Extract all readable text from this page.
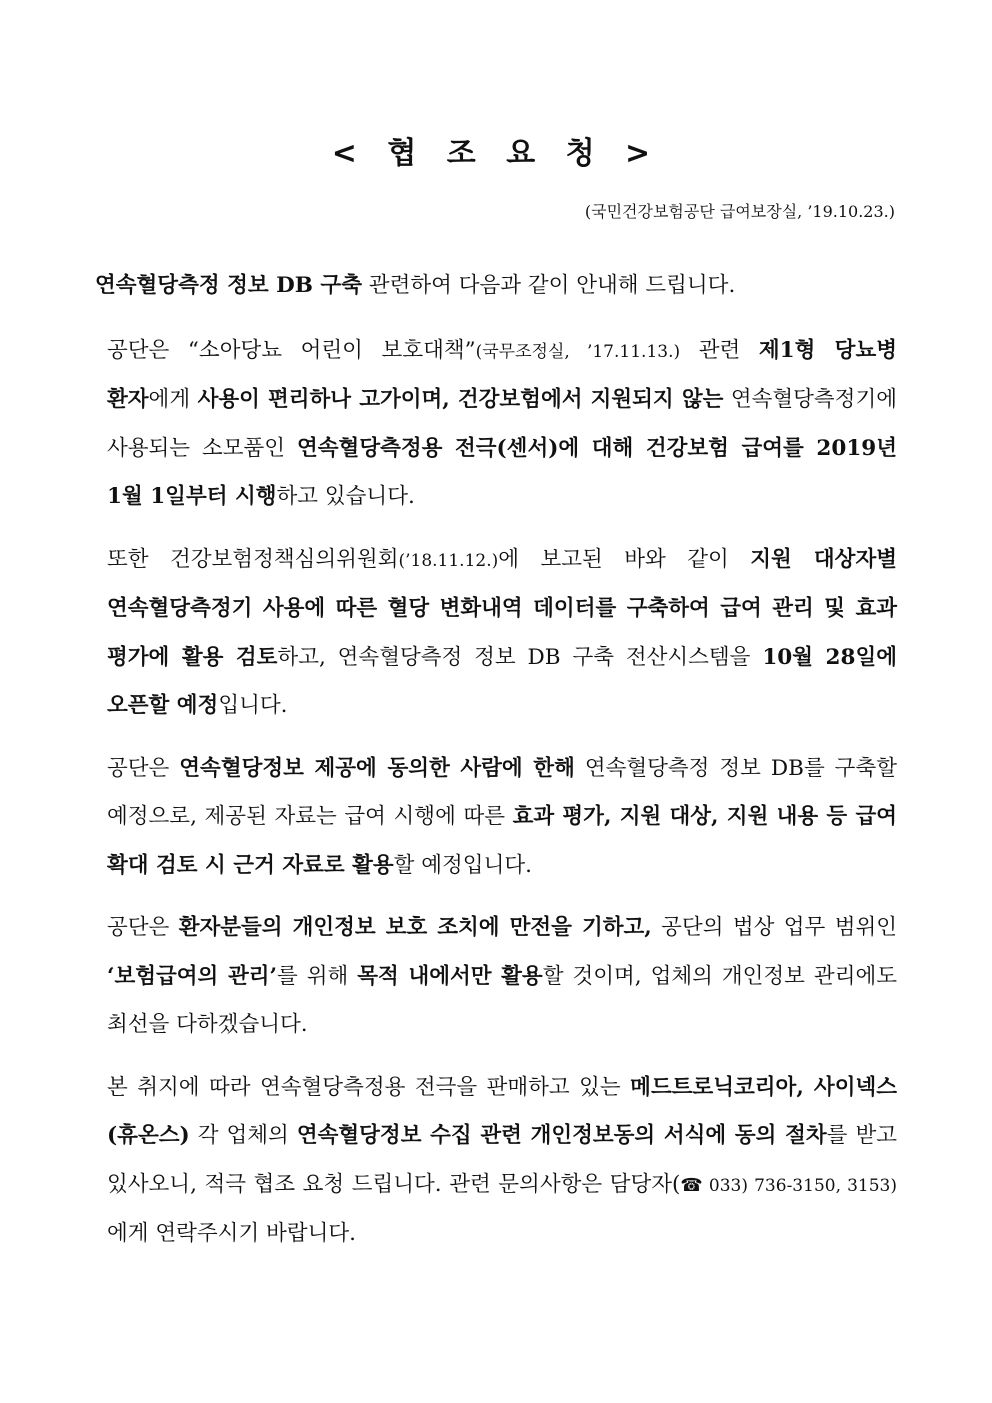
< 협 조 요 청 >
(국민건강보험공단 급여보장실, ’19.10.23.)

연속혈당측정 정보 DB 구축 관련하여 다음과 같이 안내해 드립니다.

공단은 “소아당뇨 어린이 보호대책”(국무조정실, ’17.11.13.) 관련 제1형 당뇨병 환자에게 사용이 편리하나 고가이며, 건강보험에서 지원되지 않는 연속혈당측정기에 사용되는 소모품인 연속혈당측정용 전극(센서)에 대해 건강보험 급여를 2019년 1월 1일부터 시행하고 있습니다.

또한 건강보험정책심의위원회(’18.11.12.)에 보고된 바와 같이 지원 대상자별 연속혈당측정기 사용에 따른 혈당 변화내역 데이터를 구축하여 급여 관리 및 효과 평가에 활용 검토하고, 연속혈당측정 정보 DB 구축 전산시스템을 10월 28일에 오픈할 예정입니다.

공단은 연속혈당정보 제공에 동의한 사람에 한해 연속혈당측정 정보 DB를 구축할 예정으로, 제공된 자료는 급여 시행에 따른 효과 평가, 지원 대상, 지원 내용 등 급여 확대 검토 시 근거 자료로 활용할 예정입니다.

공단은 환자분들의 개인정보 보호 조치에 만전을 기하고, 공단의 법상 업무 범위인 ‘보험급여의 관리’를 위해 목적 내에서만 활용할 것이며, 업체의 개인정보 관리에도 최선을 다하겠습니다.

본 취지에 따라 연속혈당측정용 전극을 판매하고 있는 메드트로닉코리아, 사이넥스(휴온스) 각 업체의 연속혈당정보 수집 관련 개인정보동의 서식에 동의 절차를 받고 있사오니, 적극 협조 요청 드립니다. 관련 문의사항은 담당자(☎ 033) 736-3150, 3153)에게 연락주시기 바랍니다.
